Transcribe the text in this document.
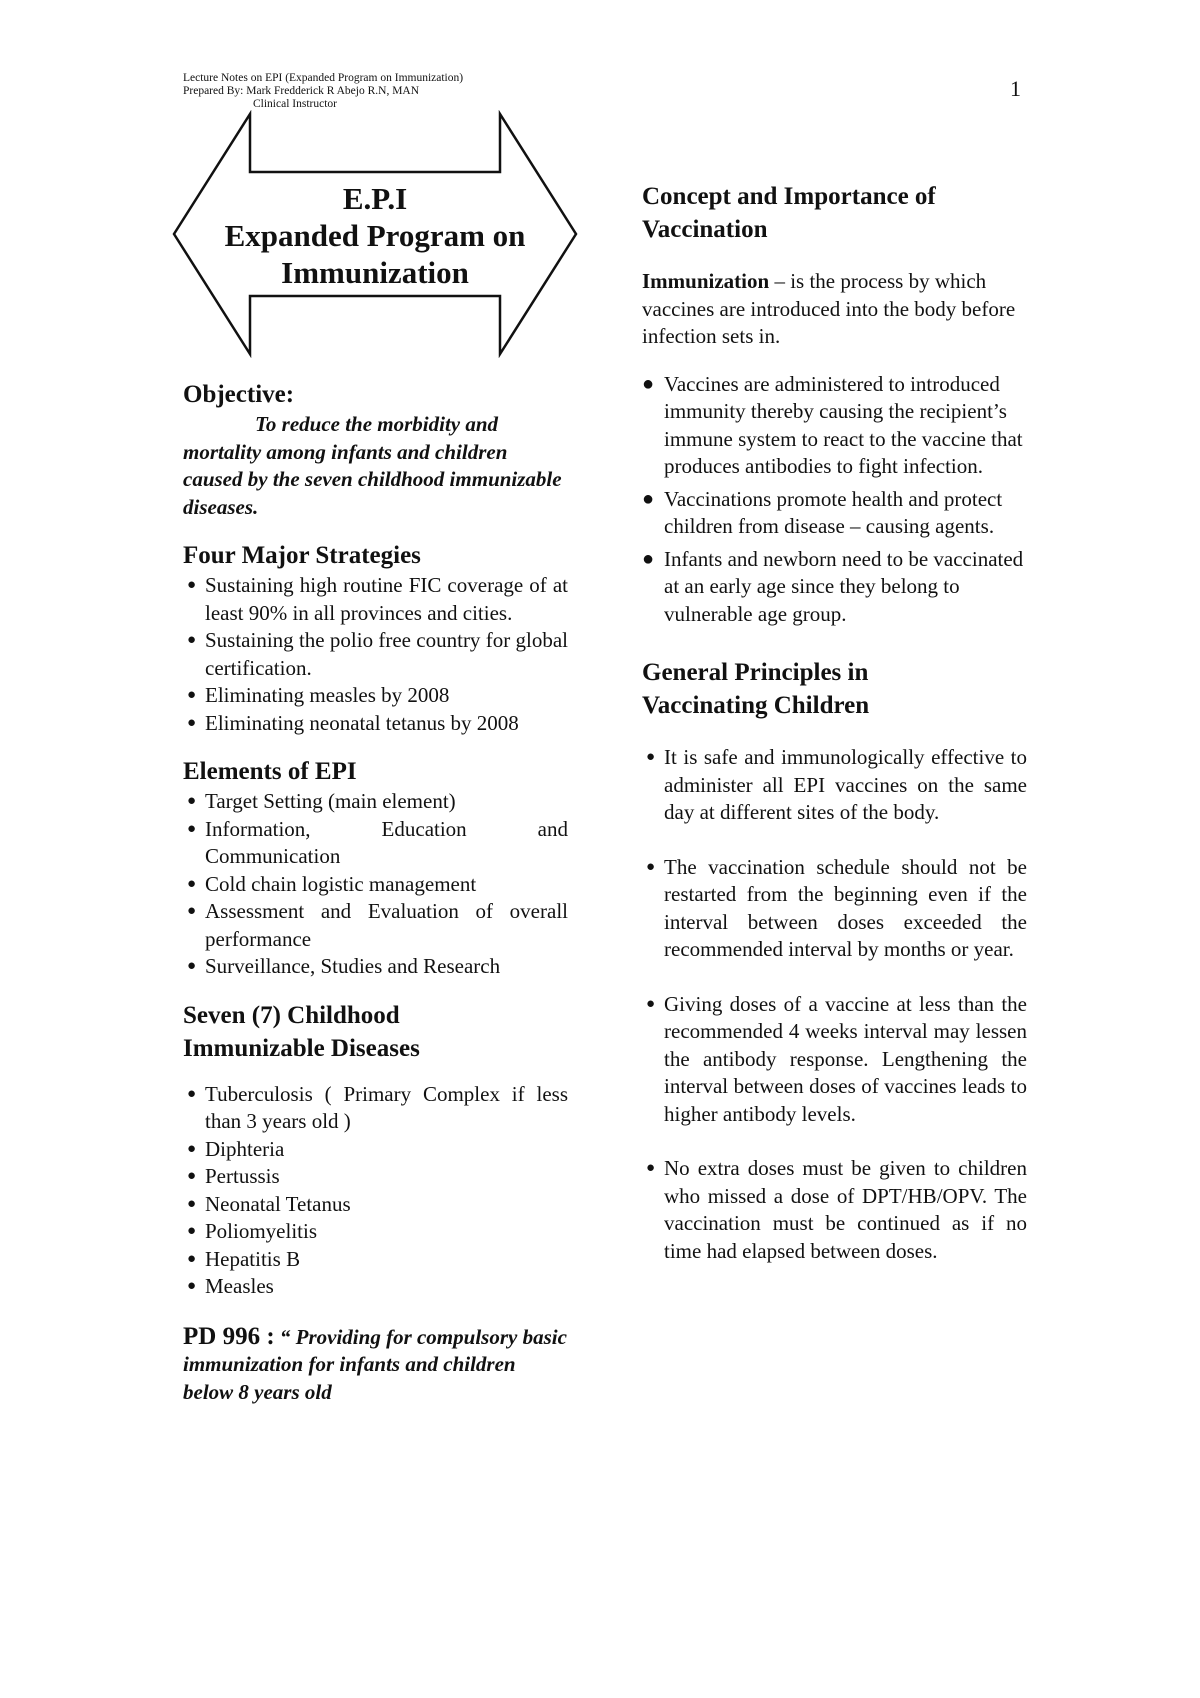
Lecture Notes on EPI (Expanded Program on Immunization)
Prepared By: Mark Fredderick R Abejo R.N, MAN
Clinical Instructor
1
E.P.I
Expanded Program on
Immunization
Objective:
To reduce the morbidity and mortality among infants and children caused by the seven childhood immunizable diseases.
Four Major Strategies
● Sustaining high routine FIC coverage of at least 90% in all provinces and cities.
● Sustaining the polio free country for global certification.
● Eliminating measles by 2008
● Eliminating neonatal tetanus by 2008
Elements of EPI
● Target Setting (main element)
● Information, Education and Communication
● Cold chain logistic management
● Assessment and Evaluation of overall performance
● Surveillance, Studies and Research
Seven (7) Childhood
Immunizable Diseases
● Tuberculosis ( Primary Complex if less than 3 years old )
● Diphteria
● Pertussis
● Neonatal Tetanus
● Poliomyelitis
● Hepatitis B
● Measles
PD 996 : “ Providing for compulsory basic immunization for infants and children below 8 years old
Concept and Importance of
Vaccination
Immunization – is the process by which vaccines are introduced into the body before infection sets in.
● Vaccines are administered to introduced immunity thereby causing the recipient’s immune system to react to the vaccine that produces antibodies to fight infection.
● Vaccinations promote health and protect children from disease – causing agents.
● Infants and newborn need to be vaccinated at an early age since they belong to vulnerable age group.
General Principles in
Vaccinating Children
● It is safe and immunologically effective to administer all EPI vaccines on the same day at different sites of the body.
● The vaccination schedule should not be restarted from the beginning even if the interval between doses exceeded the recommended interval by months or year.
● Giving doses of a vaccine at less than the recommended 4 weeks interval may lessen the antibody response. Lengthening the interval between doses of vaccines leads to higher antibody levels.
● No extra doses must be given to children who missed a dose of DPT/HB/OPV. The vaccination must be continued as if no time had elapsed between doses.
